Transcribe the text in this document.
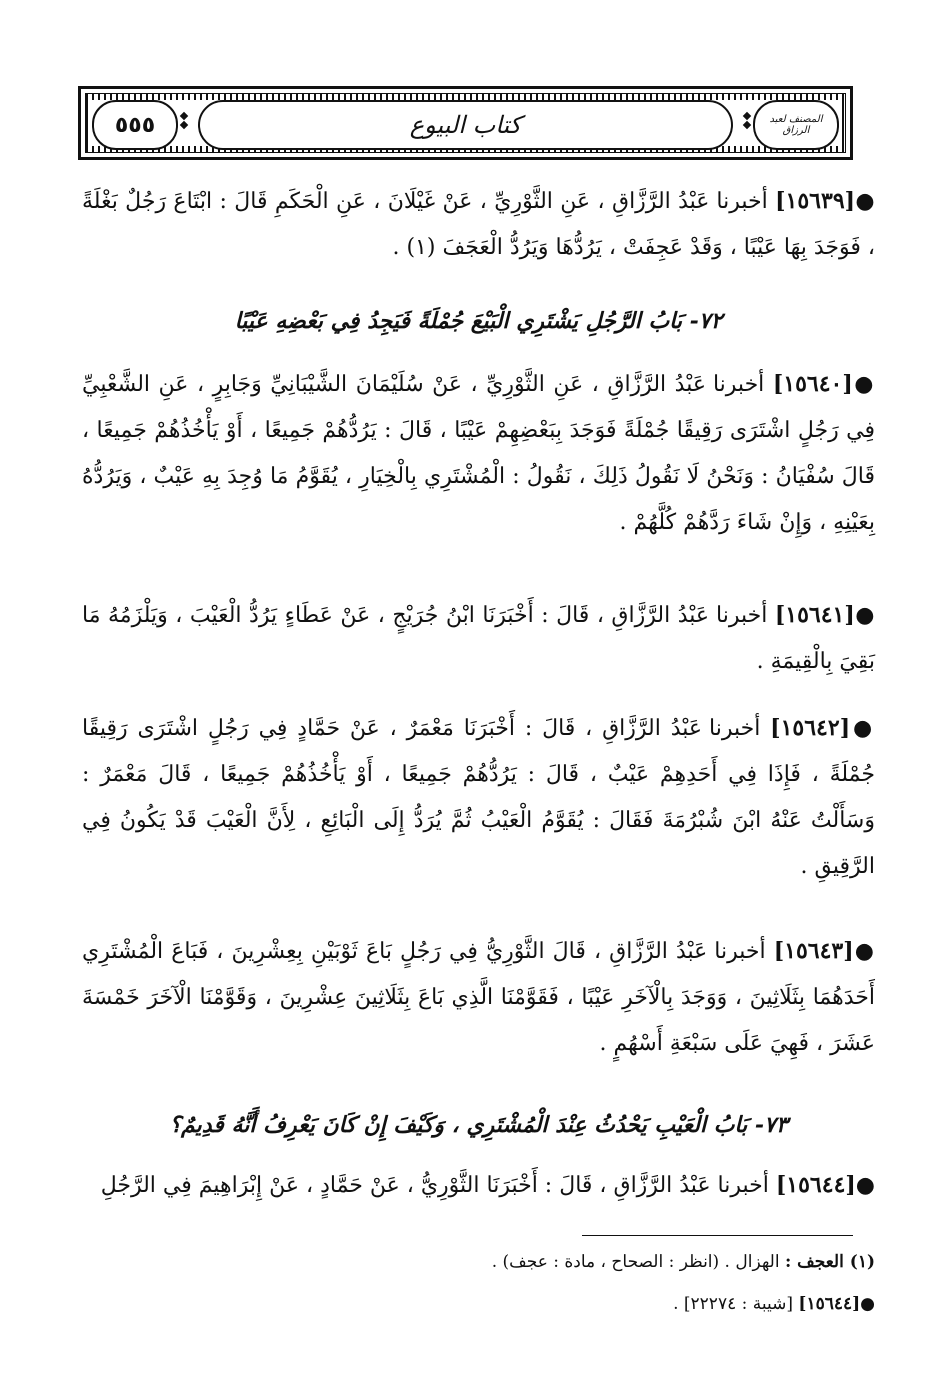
٥٥٥	كتاب البيوع	المصنف لعبد الرزاق
●[١٥٦٣٩] أخبرنا عَبْدُ الرَّزَّاقِ ، عَنِ الثَّوْرِيِّ ، عَنْ غَيْلَانَ ، عَنِ الْحَكَمِ قَالَ : ابْتَاعَ رَجُلٌ بَغْلَةً ، فَوَجَدَ بِهَا عَيْبًا ، وَقَدْ عَجِفَتْ ، يَرُدُّهَا وَيَرُدُّ الْعَجَفَ (١) .
٧٢- بَابُ الرَّجُلِ يَشْتَرِي الْبَيْعَ جُمْلَةً فَيَجِدُ فِي بَعْضِهِ عَيْبًا
●[١٥٦٤٠] أخبرنا عَبْدُ الرَّزَّاقِ ، عَنِ الثَّوْرِيِّ ، عَنْ سُلَيْمَانَ الشَّيْبَانِيِّ وَجَابِرٍ ، عَنِ الشَّعْبِيِّ فِي رَجُلٍ اشْتَرَى رَقِيقًا جُمْلَةً فَوَجَدَ بِبَعْضِهِمْ عَيْبًا ، قَالَ : يَرُدُّهُمْ جَمِيعًا ، أَوْ يَأْخُذُهُمْ جَمِيعًا ، قَالَ سُفْيَانُ : وَنَحْنُ لَا نَقُولُ ذَلِكَ ، نَقُولُ : الْمُشْتَرِي بِالْخِيَارِ ، يُقَوَّمُ مَا وُجِدَ بِهِ عَيْبٌ ، وَيَرُدُّهُ بِعَيْنِهِ ، وَإِنْ شَاءَ رَدَّهُمْ كُلَّهُمْ .
●[١٥٦٤١] أخبرنا عَبْدُ الرَّزَّاقِ ، قَالَ : أَخْبَرَنَا ابْنُ جُرَيْجٍ ، عَنْ عَطَاءٍ يَرُدُّ الْعَيْبَ ، وَيَلْزَمُهُ مَا بَقِيَ بِالْقِيمَةِ .
●[١٥٦٤٢] أخبرنا عَبْدُ الرَّزَّاقِ ، قَالَ : أَخْبَرَنَا مَعْمَرٌ ، عَنْ حَمَّادٍ فِي رَجُلٍ اشْتَرَى رَقِيقًا جُمْلَةً ، فَإِذَا فِي أَحَدِهِمْ عَيْبٌ ، قَالَ : يَرُدُّهُمْ جَمِيعًا ، أَوْ يَأْخُذُهُمْ جَمِيعًا ، قَالَ مَعْمَرٌ : وَسَأَلْتُ عَنْهُ ابْنَ شُبْرُمَةَ فَقَالَ : يُقَوَّمُ الْعَيْبُ ثُمَّ يُرَدُّ إِلَى الْبَائِعِ ، لِأَنَّ الْعَيْبَ قَدْ يَكُونُ فِي الرَّقِيقِ .
●[١٥٦٤٣] أخبرنا عَبْدُ الرَّزَّاقِ ، قَالَ الثَّوْرِيُّ فِي رَجُلٍ بَاعَ ثَوْبَيْنِ بِعِشْرِينَ ، فَبَاعَ الْمُشْتَرِي أَحَدَهُمَا بِثَلَاثِينَ ، وَوَجَدَ بِالْآخَرِ عَيْبًا ، فَقَوَّمْنَا الَّذِي بَاعَ بِثَلَاثِينَ عِشْرِينَ ، وَقَوَّمْنَا الْآخَرَ خَمْسَةَ عَشَرَ ، فَهِيَ عَلَى سَبْعَةِ أَسْهُمٍ .
٧٣- بَابُ الْعَيْبِ يَحْدُثُ عِنْدَ الْمُشْتَرِي ، وَكَيْفَ إِنْ كَانَ يَعْرِفُ أَنَّهُ قَدِيمٌ؟
●[١٥٦٤٤] أخبرنا عَبْدُ الرَّزَّاقِ ، قَالَ : أَخْبَرَنَا الثَّوْرِيُّ ، عَنْ حَمَّادٍ ، عَنْ إِبْرَاهِيمَ فِي الرَّجُلِ
(١) العجف : الهزال . (انظر : الصحاح ، مادة : عجف) .
●[١٥٦٤٤] [شيبة : ٢٢٢٧٤] .
